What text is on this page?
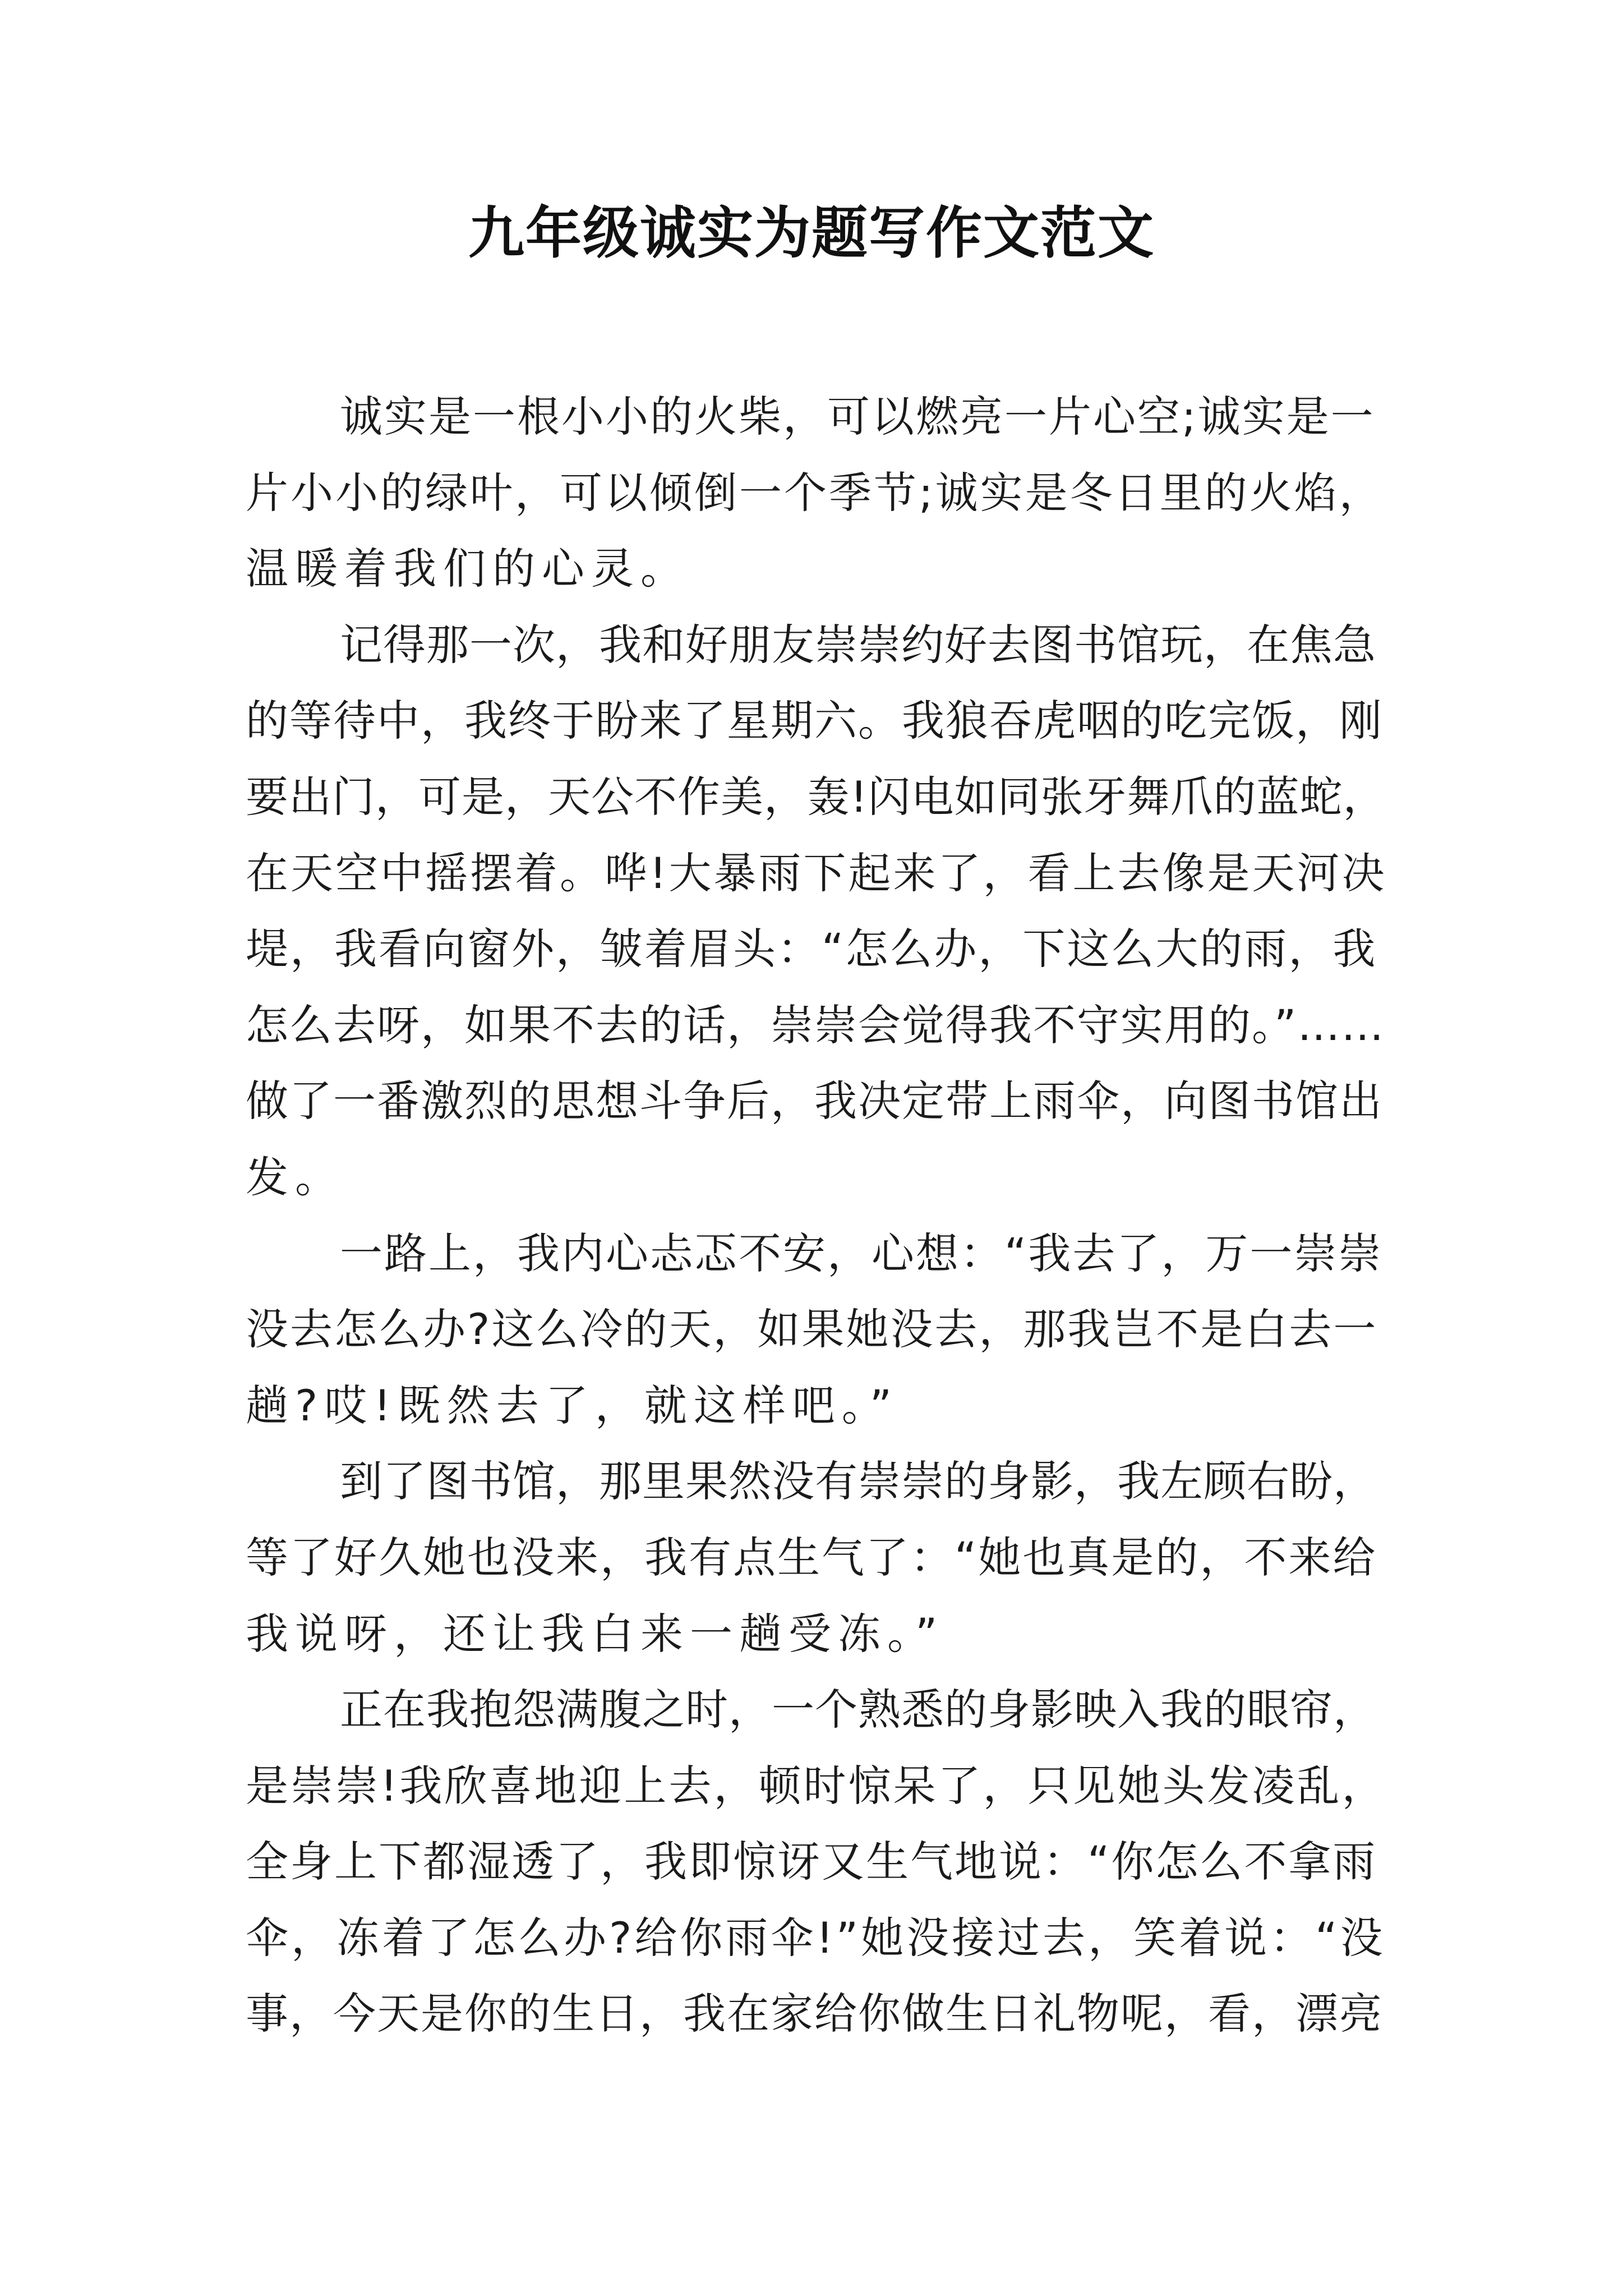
九年级诚实为题写作文范文
诚实是一根小小的火柴，可以燃亮一片心空;诚实是一
片小小的绿叶，可以倾倒一个季节;诚实是冬日里的火焰，
温暖着我们的心灵。
记得那一次，我和好朋友崇崇约好去图书馆玩，在焦急
的等待中，我终于盼来了星期六。我狼吞虎咽的吃完饭，刚
要出门，可是，天公不作美，轰!闪电如同张牙舞爪的蓝蛇，
在天空中摇摆着。哗!大暴雨下起来了，看上去像是天河决
堤，我看向窗外，皱着眉头：“怎么办，下这么大的雨，我
怎么去呀，如果不去的话，崇崇会觉得我不守实用的。”……
做了一番激烈的思想斗争后，我决定带上雨伞，向图书馆出
发。
一路上，我内心忐忑不安，心想：“我去了，万一崇崇
没去怎么办?这么冷的天，如果她没去，那我岂不是白去一
趟?哎!既然去了，就这样吧。”
到了图书馆，那里果然没有崇崇的身影，我左顾右盼，
等了好久她也没来，我有点生气了：“她也真是的，不来给
我说呀，还让我白来一趟受冻。”
正在我抱怨满腹之时，一个熟悉的身影映入我的眼帘，
是崇崇!我欣喜地迎上去，顿时惊呆了，只见她头发凌乱，
全身上下都湿透了，我即惊讶又生气地说：“你怎么不拿雨
伞，冻着了怎么办?给你雨伞!”她没接过去，笑着说：“没
事，今天是你的生日，我在家给你做生日礼物呢，看，漂亮
